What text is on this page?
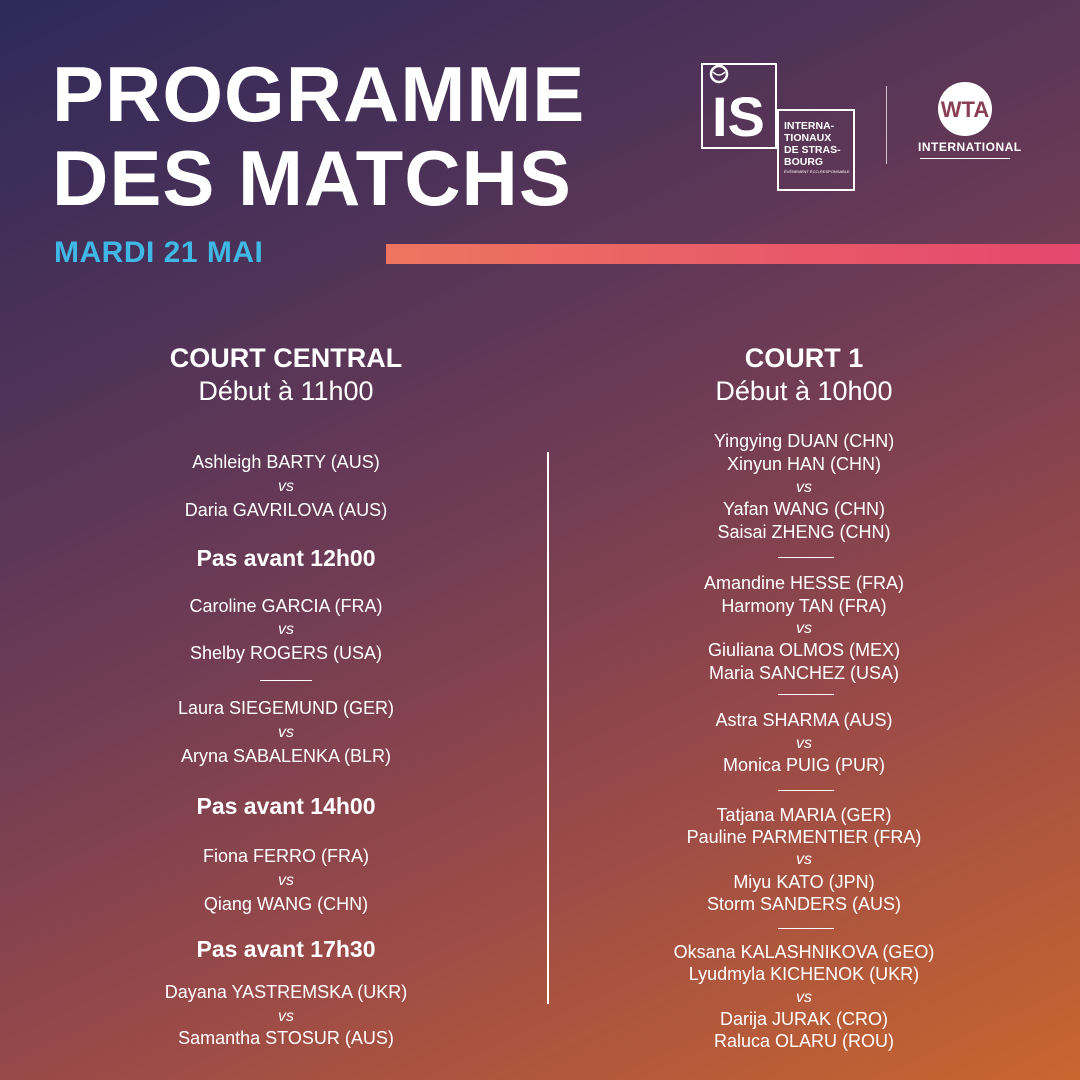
PROGRAMME
DES MATCHS
IS INTERNA-
TIONAUX
DE STRAS-
BOURG
ÉVÉNEMENT ÉCO-RESPONSABLE
WTA
INTERNATIONAL
MARDI 21 MAI
COURT CENTRAL
Début à 11h00
COURT 1
Début à 10h00
Ashleigh BARTY (AUS)
vs
Daria GAVRILOVA (AUS)
Pas avant 12h00
Caroline GARCIA (FRA)
vs
Shelby ROGERS (USA)
Laura SIEGEMUND (GER)
vs
Aryna SABALENKA (BLR)
Pas avant 14h00
Fiona FERRO (FRA)
vs
Qiang WANG (CHN)
Pas avant 17h30
Dayana YASTREMSKA (UKR)
vs
Samantha STOSUR (AUS)
Yingying DUAN (CHN)
Xinyun HAN (CHN)
vs
Yafan WANG (CHN)
Saisai ZHENG (CHN)
Amandine HESSE (FRA)
Harmony TAN (FRA)
vs
Giuliana OLMOS (MEX)
Maria SANCHEZ (USA)
Astra SHARMA (AUS)
vs
Monica PUIG (PUR)
Tatjana MARIA (GER)
Pauline PARMENTIER (FRA)
vs
Miyu KATO (JPN)
Storm SANDERS (AUS)
Oksana KALASHNIKOVA (GEO)
Lyudmyla KICHENOK (UKR)
vs
Darija JURAK (CRO)
Raluca OLARU (ROU)
